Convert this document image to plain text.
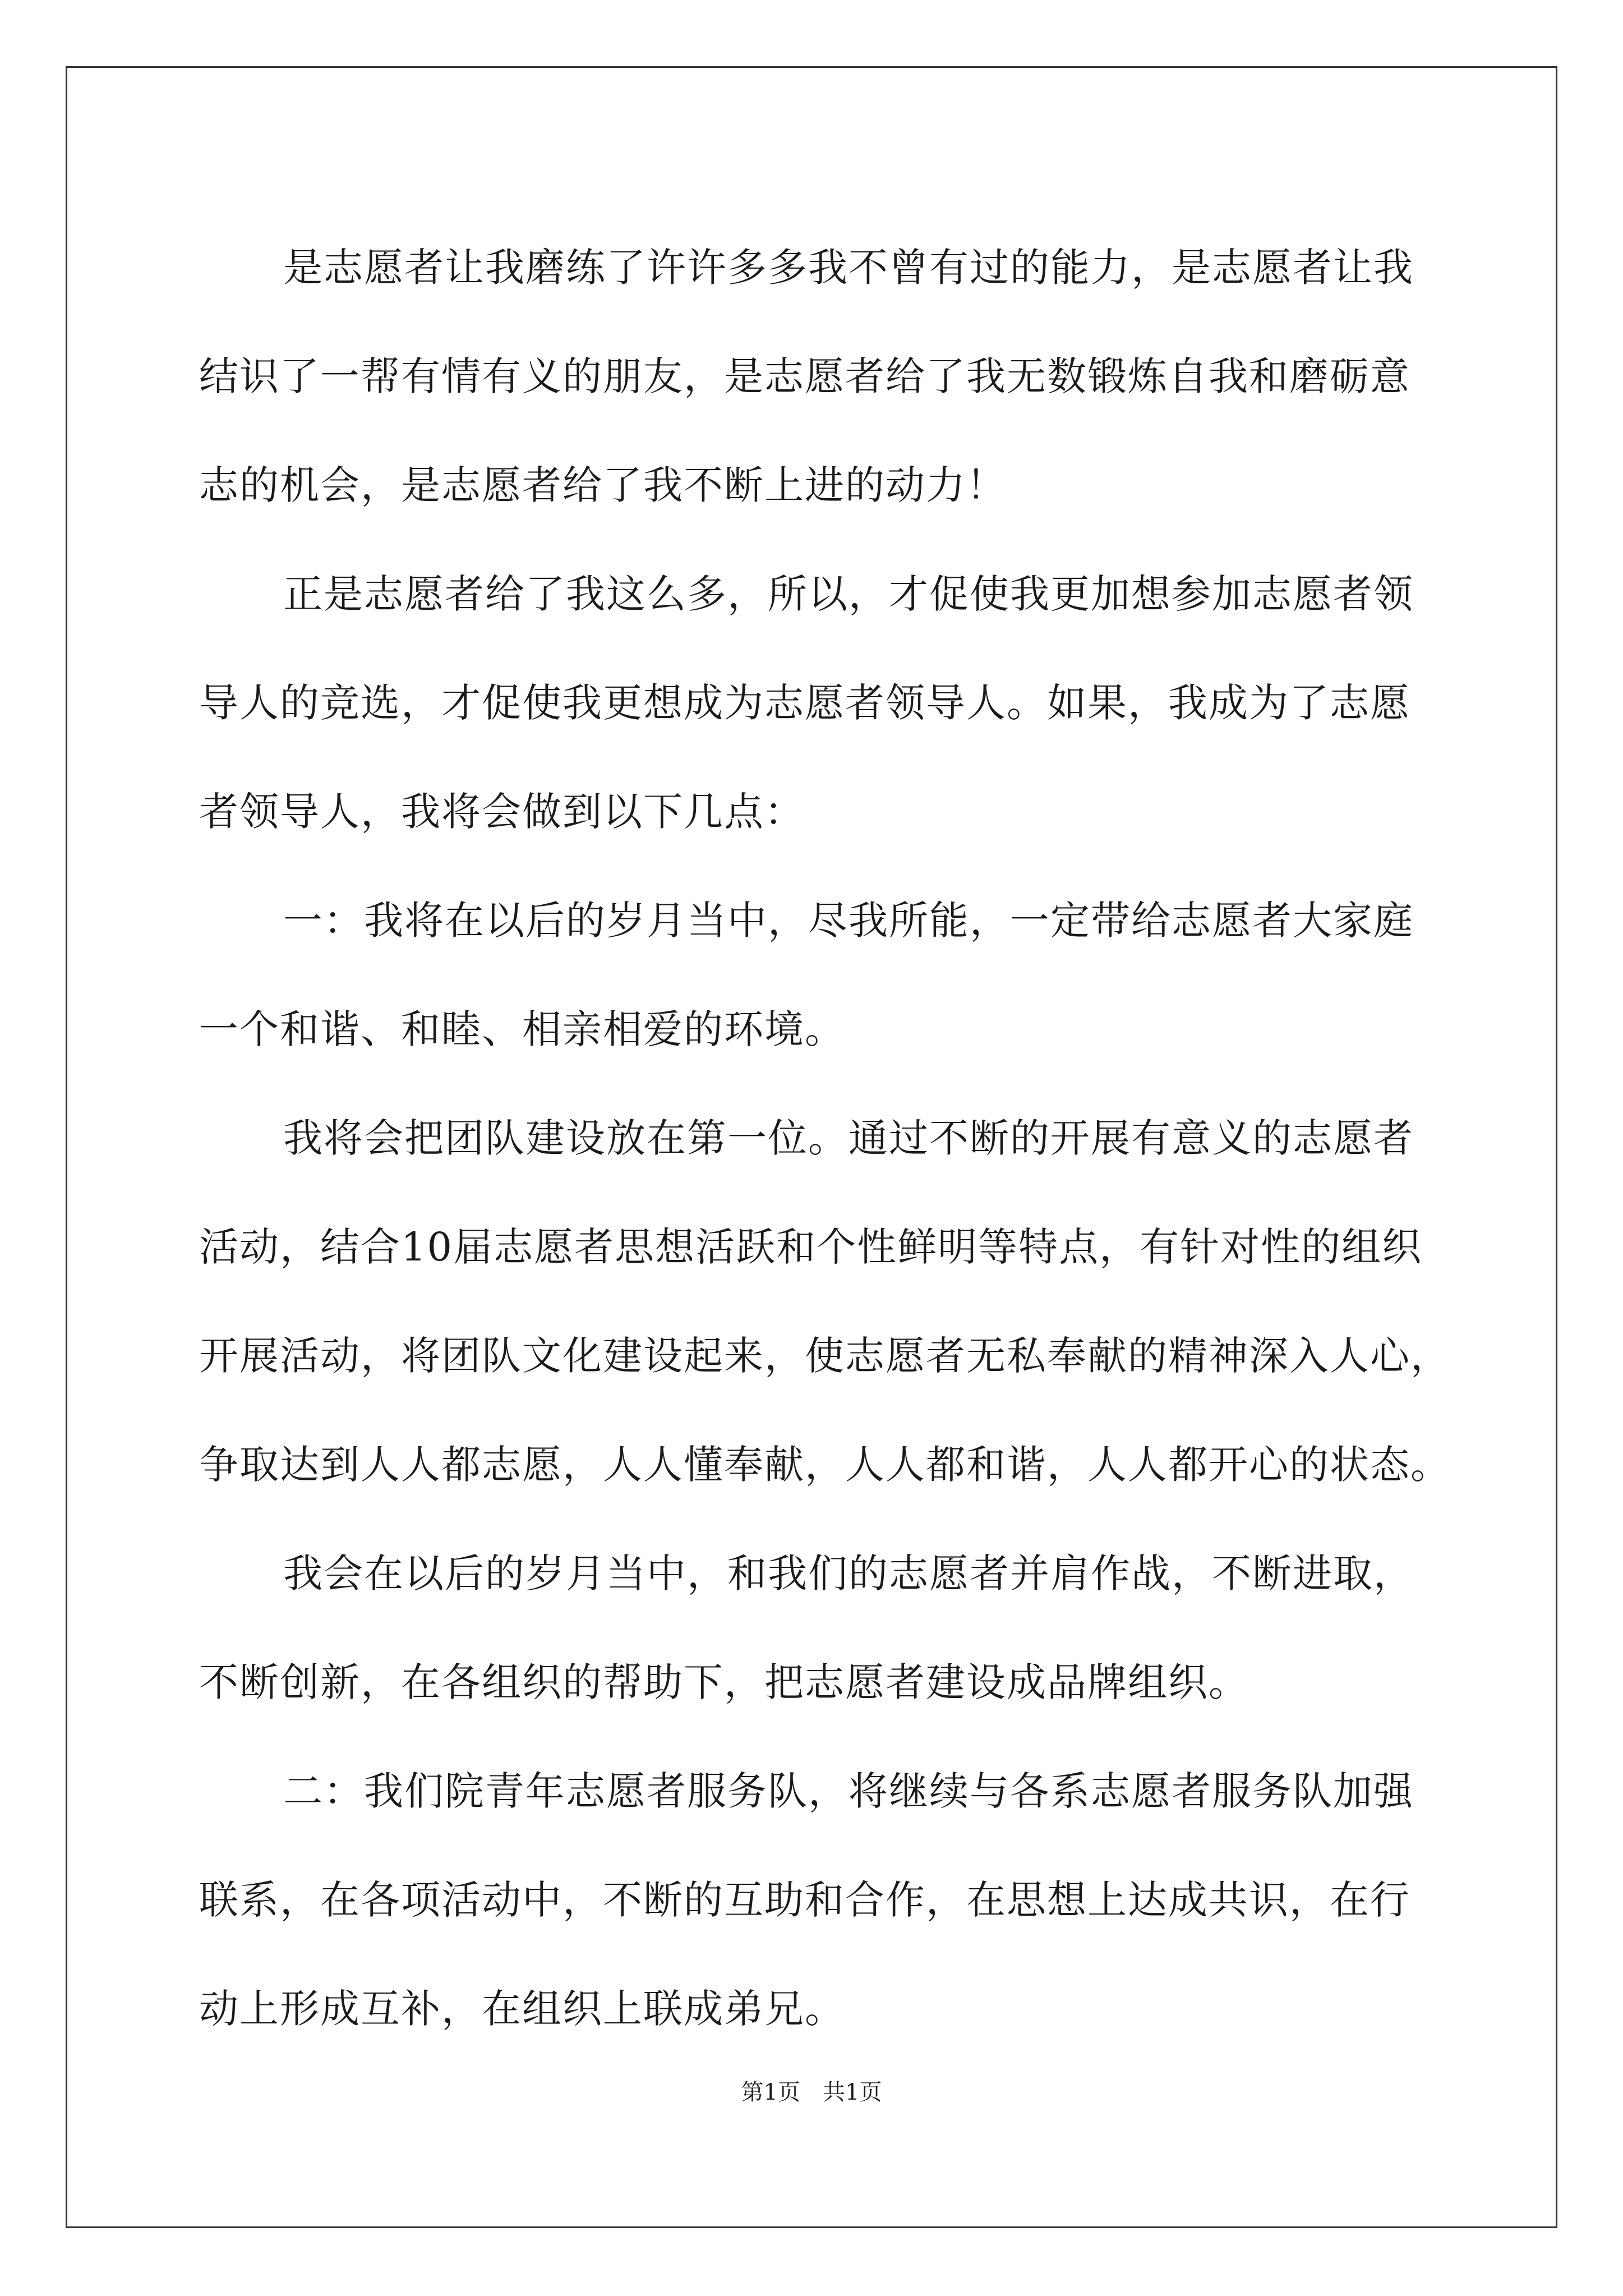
是志愿者让我磨练了许许多多我不曾有过的能力，是志愿者让我
结识了一帮有情有义的朋友，是志愿者给了我无数锻炼自我和磨砺意
志的机会，是志愿者给了我不断上进的动力！

正是志愿者给了我这么多，所以，才促使我更加想参加志愿者领
导人的竞选，才促使我更想成为志愿者领导人。如果，我成为了志愿
者领导人，我将会做到以下几点：

一：我将在以后的岁月当中，尽我所能，一定带给志愿者大家庭
一个和谐、和睦、相亲相爱的环境。

我将会把团队建设放在第一位。通过不断的开展有意义的志愿者
活动，结合10届志愿者思想活跃和个性鲜明等特点，有针对性的组织
开展活动，将团队文化建设起来，使志愿者无私奉献的精神深入人心，
争取达到人人都志愿，人人懂奉献，人人都和谐，人人都开心的状态。

我会在以后的岁月当中，和我们的志愿者并肩作战，不断进取，
不断创新，在各组织的帮助下，把志愿者建设成品牌组织。

二：我们院青年志愿者服务队，将继续与各系志愿者服务队加强
联系，在各项活动中，不断的互助和合作，在思想上达成共识，在行
动上形成互补，在组织上联成弟兄。

第1页 共1页
